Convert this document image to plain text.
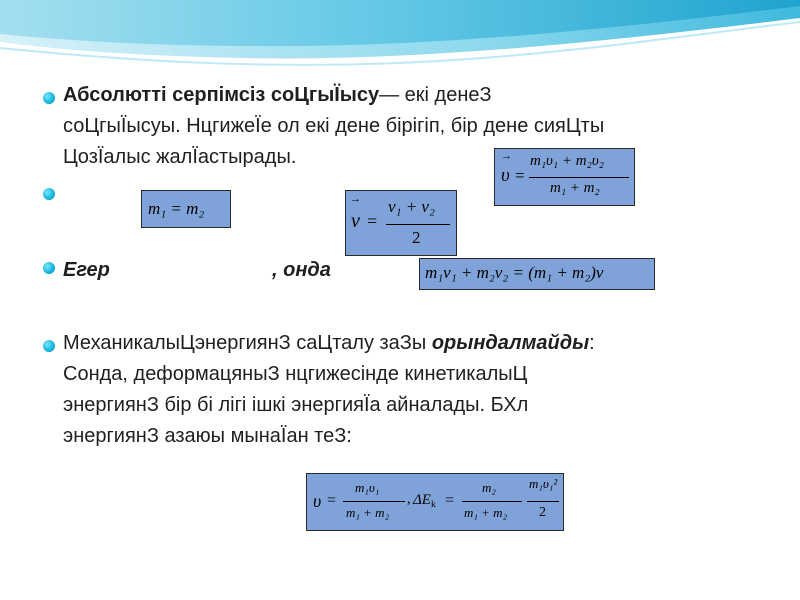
Абсолютті серпімсіз соЦгыЇысу— екі денеЗ
соЦгыЇысуы. НцгижеЇе ол екі дене бірігіп, бір дене сияЦты
ЦозЇалыс жалЇастырады.
Егер	, онда
МеханикалыЦэнергиянЗ саЦталу заЗы орындалмайды:
Сонда, деформацяныЗ нцгижесінде кинетикалыЦ
энергиянЗ бір бі лігі ішкі энергияЇа айналады. БХл
энергиянЗ азаюы мынаЇан теЗ:
→
υ =
m₁υ₁ + m₂υ₂
m₁ + m₂
m₁ = m₂	→
v =
v₁ + v₂
2
m₁v₁ + m₂v₂ = (m₁ + m₂)v
υ =
m₁υ₁
m₁ + m₂
, $\Delta E_k$ =
m₂
m₁ + m₂
m₁υ₁²
2
